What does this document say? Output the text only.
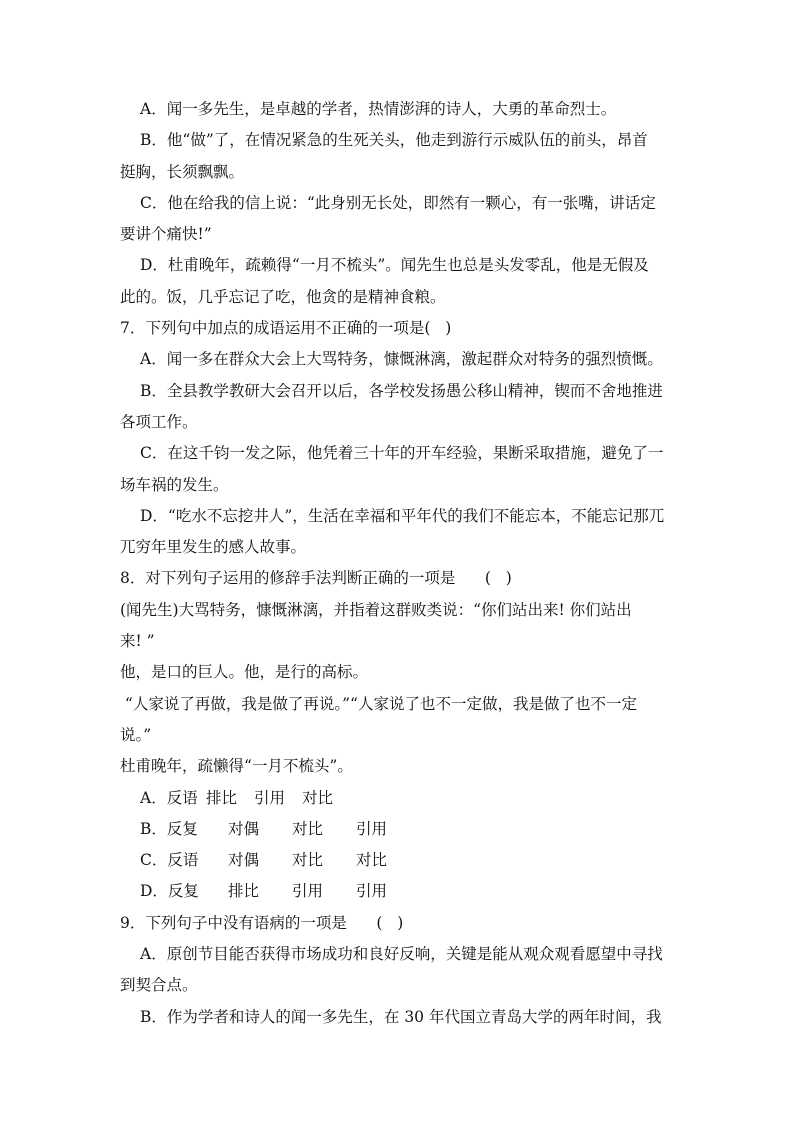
A．闻一多先生，是卓越的学者，热情澎湃的诗人，大勇的革命烈士。
B．他“做”了，在情况紧急的生死关头，他走到游行示威队伍的前头，昂首
挺胸，长须飘飘。
C．他在给我的信上说：“此身别无长处，即然有一颗心，有一张嘴，讲话定
要讲个痛快!”
D．杜甫晚年，疏赖得“一月不梳头”。闻先生也总是头发零乱，他是无假及
此的。饭，几乎忘记了吃，他贪的是精神食粮。
7．下列句中加点的成语运用不正确的一项是(   )
A．闻一多在群众大会上大骂特务，慷慨淋漓，激起群众对特务的强烈愤慨。
B．全县教学教研大会召开以后，各学校发扬愚公移山精神，锲而不舍地推进
各项工作。
C．在这千钧一发之际，他凭着三十年的开车经验，果断采取措施，避免了一
场车祸的发生。
D．“吃水不忘挖井人”，生活在幸福和平年代的我们不能忘本，不能忘记那兀
兀穷年里发生的感人故事。
8．对下列句子运用的修辞手法判断正确的一项是      (   )
(闻先生)大骂特务，慷慨淋漓，并指着这群败类说：“你们站出来! 你们站出
来! ”
他，是口的巨人。他，是行的高标。
“人家说了再做，我是做了再说。”“人家说了也不一定做，我是做了也不一定
说。”
杜甫晚年，疏懒得“一月不梳头”。
A．反语 排比	引用	对比
B．反复	对偶	对比	引用
C．反语	对偶	对比	对比
D．反复	排比	引用	引用
9．下列句子中没有语病的一项是      (   )
A．原创节目能否获得市场成功和良好反响，关键是能从观众观看愿望中寻找
到契合点。
B．作为学者和诗人的闻一多先生，在 30 年代国立青岛大学的两年时间，我
